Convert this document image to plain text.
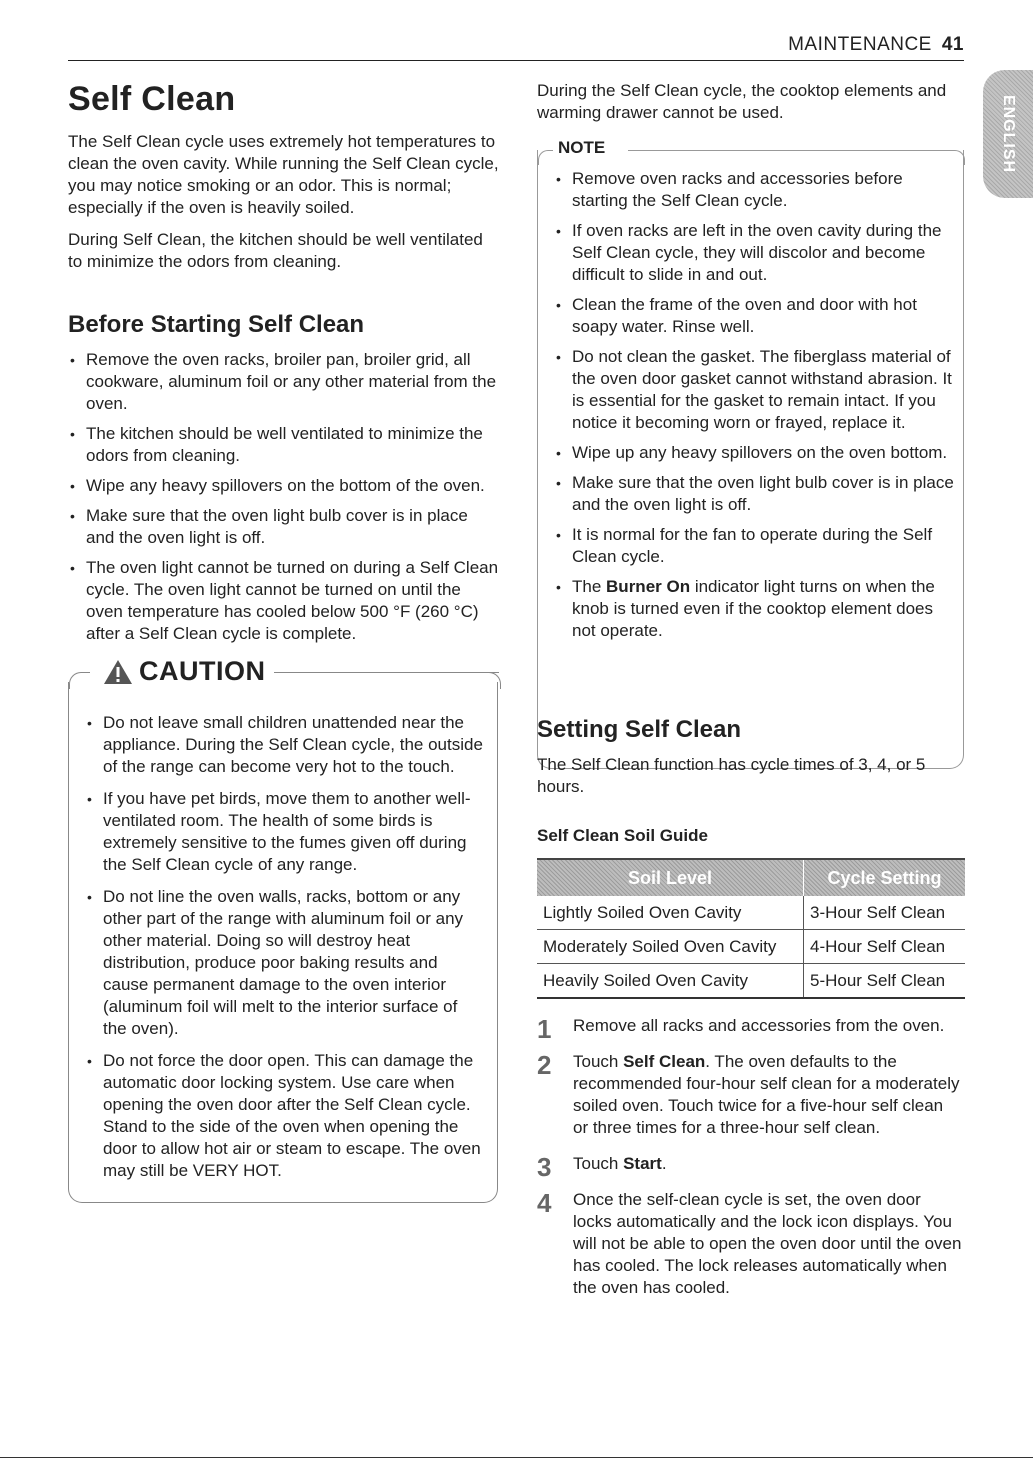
MAINTENANCE 41
ENGLISH
Self Clean

The Self Clean cycle uses extremely hot temperatures to clean the oven cavity. While running the Self Clean cycle, you may notice smoking or an odor. This is normal; especially if the oven is heavily soiled.

During Self Clean, the kitchen should be well ventilated to minimize the odors from cleaning.

Before Starting Self Clean
• Remove the oven racks, broiler pan, broiler grid, all cookware, aluminum foil or any other material from the oven.
• The kitchen should be well ventilated to minimize the odors from cleaning.
• Wipe any heavy spillovers on the bottom of the oven.
• Make sure that the oven light bulb cover is in place and the oven light is off.
• The oven light cannot be turned on during a Self Clean cycle. The oven light cannot be turned on until the oven temperature has cooled below 500 °F (260 °C) after a Self Clean cycle is complete.
CAUTION
• Do not leave small children unattended near the appliance. During the Self Clean cycle, the outside of the range can become very hot to the touch.
• If you have pet birds, move them to another well-ventilated room. The health of some birds is extremely sensitive to the fumes given off during the Self Clean cycle of any range.
• Do not line the oven walls, racks, bottom or any other part of the range with aluminum foil or any other material. Doing so will destroy heat distribution, produce poor baking results and cause permanent damage to the oven interior (aluminum foil will melt to the interior surface of the oven).
• Do not force the door open. This can damage the automatic door locking system. Use care when opening the oven door after the Self Clean cycle. Stand to the side of the oven when opening the door to allow hot air or steam to escape. The oven may still be VERY HOT.

During the Self Clean cycle, the cooktop elements and warming drawer cannot be used.

NOTE
• Remove oven racks and accessories before starting the Self Clean cycle.
• If oven racks are left in the oven cavity during the Self Clean cycle, they will discolor and become difficult to slide in and out.
• Clean the frame of the oven and door with hot soapy water. Rinse well.
• Do not clean the gasket. The fiberglass material of the oven door gasket cannot withstand abrasion. It is essential for the gasket to remain intact. If you notice it becoming worn or frayed, replace it.
• Wipe up any heavy spillovers on the oven bottom.
• Make sure that the oven light bulb cover is in place and the oven light is off.
• It is normal for the fan to operate during the Self Clean cycle.
• The Burner On indicator light turns on when the knob is turned even if the cooktop element does not operate.
Setting Self Clean

The Self Clean function has cycle times of 3, 4, or 5 hours.

Self Clean Soil Guide
Soil Level	Cycle Setting
Lightly Soiled Oven Cavity	3-Hour Self Clean
Moderately Soiled Oven Cavity	4-Hour Self Clean
Heavily Soiled Oven Cavity	5-Hour Self Clean
1 Remove all racks and accessories from the oven.

2 Touch Self Clean. The oven defaults to the recommended four-hour self clean for a moderately soiled oven. Touch twice for a five-hour self clean or three times for a three-hour self clean.

3 Touch Start.

4 Once the self-clean cycle is set, the oven door locks automatically and the lock icon displays. You will not be able to open the oven door until the oven has cooled. The lock releases automatically when the oven has cooled.
